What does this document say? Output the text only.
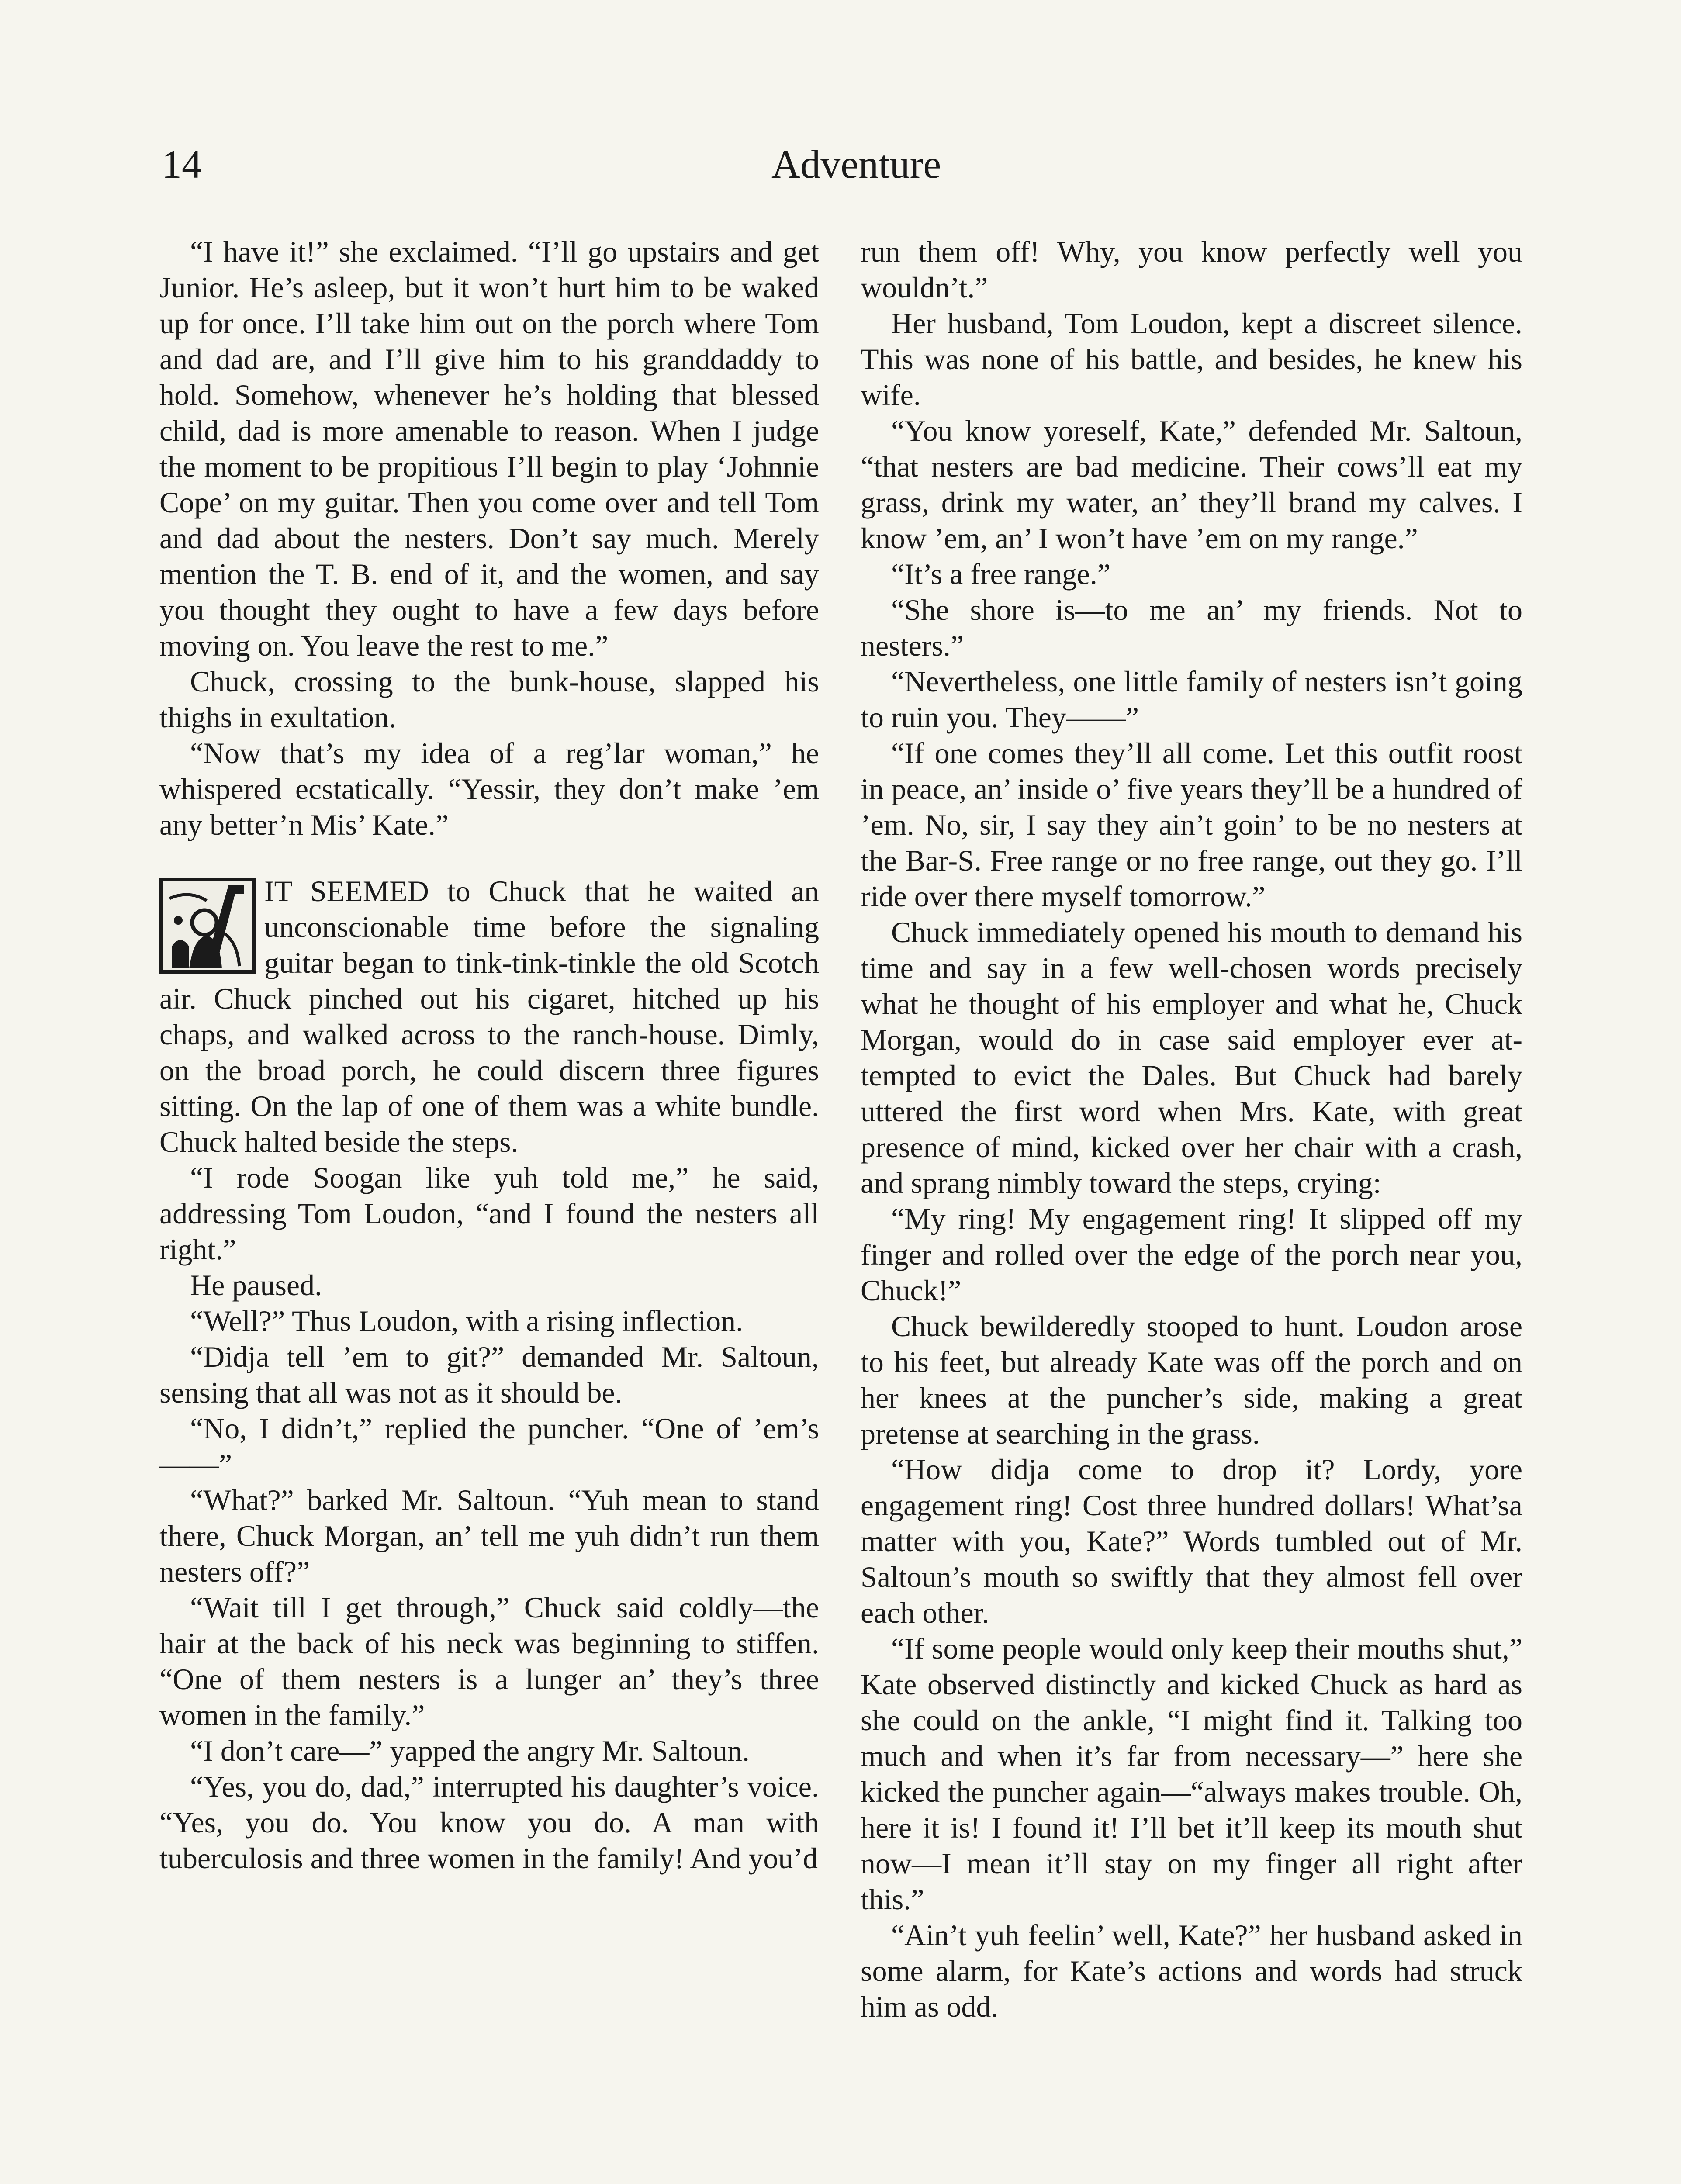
14	Adventure

“I have it!” she exclaimed. “I’ll go upstairs and get Junior. He’s asleep, but it won’t hurt him to be waked up for once. I’ll take him out on the porch where Tom and dad are, and I’ll give him to his granddaddy to hold. Somehow, whenever he’s holding that blessed child, dad is more amenable to reason. When I judge the moment to be propitious I’ll begin to play ‘Johnnie Cope’ on my guitar. Then you come over and tell Tom and dad about the nesters. Don’t say much. Merely mention the T. B. end of it, and the women, and say you thought they ought to have a few days before moving on. You leave the rest to me.”

Chuck, crossing to the bunk-house, slapped his thighs in exultation.

“Now that’s my idea of a reg’lar woman,” he whispered ecstatically. “Yessir, they don’t make ’em any better’n Mis’ Kate.”

IT SEEMED to Chuck that he waited an unconscionable time before the signaling guitar began to tink-tink-tinkle the old Scotch air. Chuck pinched out his cigaret, hitched up his chaps, and walked across to the ranch-house. Dimly, on the broad porch, he could discern three figures sitting. On the lap of one of them was a white bundle. Chuck halted beside the steps.

“I rode Soogan like yuh told me,” he said, addressing Tom Loudon, “and I found the nesters all right.”

He paused.

“Well?” Thus Loudon, with a rising inflection.

“Didja tell ’em to git?” demanded Mr. Saltoun, sensing that all was not as it should be.

“No, I didn’t,” replied the puncher. “One of ’em’s——”

“What?” barked Mr. Saltoun. “Yuh mean to stand there, Chuck Morgan, an’ tell me yuh didn’t run them nesters off?”

“Wait till I get through,” Chuck said coldly—the hair at the back of his neck was beginning to stiffen. “One of them nesters is a lunger an’ they’s three women in the family.”

“I don’t care—” yapped the angry Mr. Saltoun.

“Yes, you do, dad,” interrupted his daughter’s voice. “Yes, you do. You know you do. A man with tuberculosis and three women in the family! And you’d

run them off! Why, you know perfectly well you wouldn’t.”

Her husband, Tom Loudon, kept a discreet silence. This was none of his battle, and besides, he knew his wife.

“You know yoreself, Kate,” defended Mr. Saltoun, “that nesters are bad medicine. Their cows’ll eat my grass, drink my water, an’ they’ll brand my calves. I know ’em, an’ I won’t have ’em on my range.”

“It’s a free range.”

“She shore is—to me an’ my friends. Not to nesters.”

“Nevertheless, one little family of nesters isn’t going to ruin you. They——”

“If one comes they’ll all come. Let this outfit roost in peace, an’ inside o’ five years they’ll be a hundred of ’em. No, sir, I say they ain’t goin’ to be no nesters at the Bar-S. Free range or no free range, out they go. I’ll ride over there myself tomorrow.”

Chuck immediately opened his mouth to demand his time and say in a few well-chosen words precisely what he thought of his employer and what he, Chuck Morgan, would do in case said employer ever attempted to evict the Dales. But Chuck had barely uttered the first word when Mrs. Kate, with great presence of mind, kicked over her chair with a crash, and sprang nimbly toward the steps, crying:

“My ring! My engagement ring! It slipped off my finger and rolled over the edge of the porch near you, Chuck!”

Chuck bewilderedly stooped to hunt. Loudon arose to his feet, but already Kate was off the porch and on her knees at the puncher’s side, making a great pretense at searching in the grass.

“How didja come to drop it? Lordy, yore engagement ring! Cost three hundred dollars! What’sa matter with you, Kate?” Words tumbled out of Mr. Saltoun’s mouth so swiftly that they almost fell over each other.

“If some people would only keep their mouths shut,” Kate observed distinctly and kicked Chuck as hard as she could on the ankle, “I might find it. Talking too much and when it’s far from necessary—” here she kicked the puncher again—“always makes trouble. Oh, here it is! I found it! I’ll bet it’ll keep its mouth shut now—I mean it’ll stay on my finger all right after this.”

“Ain’t yuh feelin’ well, Kate?” her husband asked in some alarm, for Kate’s actions and words had struck him as odd.
